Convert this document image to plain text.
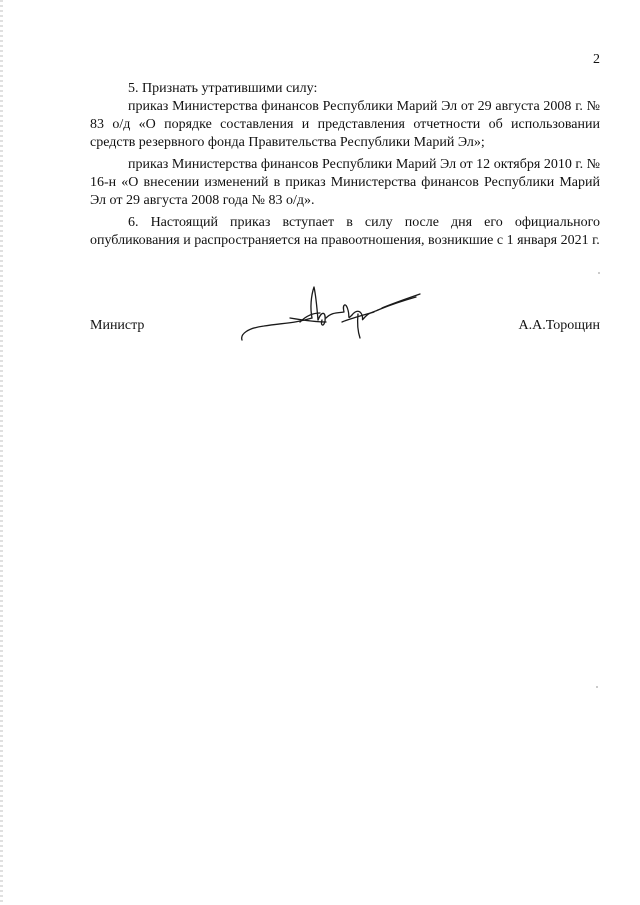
2

5. Признать утратившими силу:

приказ Министерства финансов Республики Марий Эл от 29 августа 2008 г. № 83 о/д «О порядке составления и представления отчетности об использовании средств резервного фонда Правительства Республики Марий Эл»;

приказ Министерства финансов Республики Марий Эл от 12 октября 2010 г. № 16-н «О внесении изменений в приказ Министерства финансов Республики Марий Эл от 29 августа 2008 года № 83 о/д».

6. Настоящий приказ вступает в силу после дня его официального опубликования и распространяется на правоотношения, возникшие с 1 января 2021 г.

Министр	А.А.Торощин
